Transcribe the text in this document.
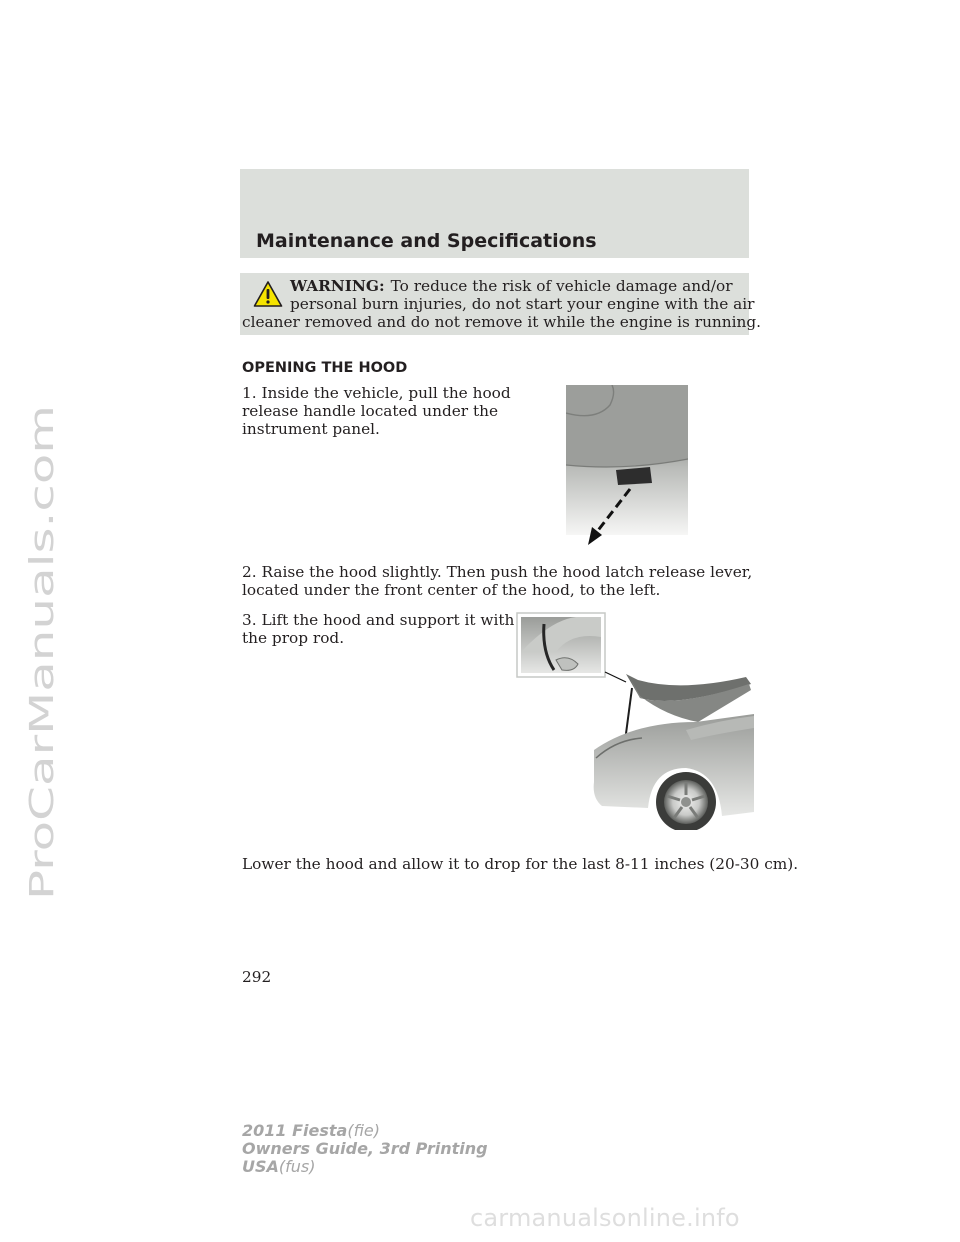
ProCarManuals.com
Maintenance and Specifications
WARNING: To reduce the risk of vehicle damage and/or
personal burn injuries, do not start your engine with the air
cleaner removed and do not remove it while the engine is running.
OPENING THE HOOD
1. Inside the vehicle, pull the hood
release handle located under the
instrument panel.
2. Raise the hood slightly. Then push the hood latch release lever,
located under the front center of the hood, to the left.
3. Lift the hood and support it with
the prop rod.
Lower the hood and allow it to drop for the last 8-11 inches (20-30 cm).
292
2011 Fiesta(fie)
Owners Guide, 3rd Printing
USA(fus)
carmanualsonline.info
